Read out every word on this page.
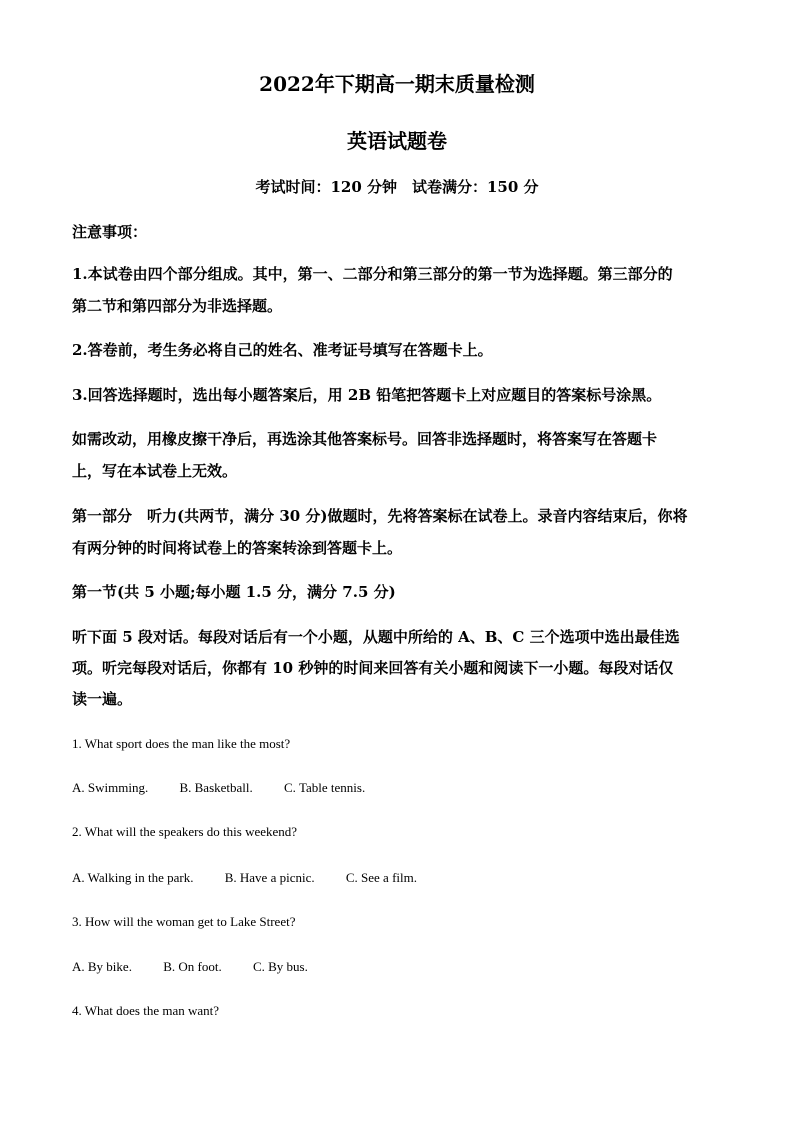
2022年下期高一期末质量检测
英语试题卷
考试时间：120 分钟　试卷满分：150 分
注意事项：
1.本试卷由四个部分组成。其中，第一、二部分和第三部分的第一节为选择题。第三部分的
第二节和第四部分为非选择题。
2.答卷前，考生务必将自己的姓名、准考证号填写在答题卡上。
3.回答选择题时，选出每小题答案后，用 2B 铅笔把答题卡上对应题目的答案标号涂黑。
如需改动，用橡皮擦干净后，再选涂其他答案标号。回答非选择题时，将答案写在答题卡
上，写在本试卷上无效。
第一部分　听力(共两节，满分 30 分)做题时，先将答案标在试卷上。录音内容结束后，你将
有两分钟的时间将试卷上的答案转涂到答题卡上。
第一节(共 5 小题;每小题 1.5 分，满分 7.5 分)
听下面 5 段对话。每段对话后有一个小题，从题中所给的 A、B、C 三个选项中选出最佳选
项。听完每段对话后，你都有 10 秒钟的时间来回答有关小题和阅读下一小题。每段对话仅
读一遍。
1. What sport does the man like the most?
A. Swimming. B. Basketball. C. Table tennis.
2. What will the speakers do this weekend?
A. Walking in the park. B. Have a picnic. C. See a film.
3. How will the woman get to Lake Street?
A. By bike. B. On foot. C. By bus.
4. What does the man want?
